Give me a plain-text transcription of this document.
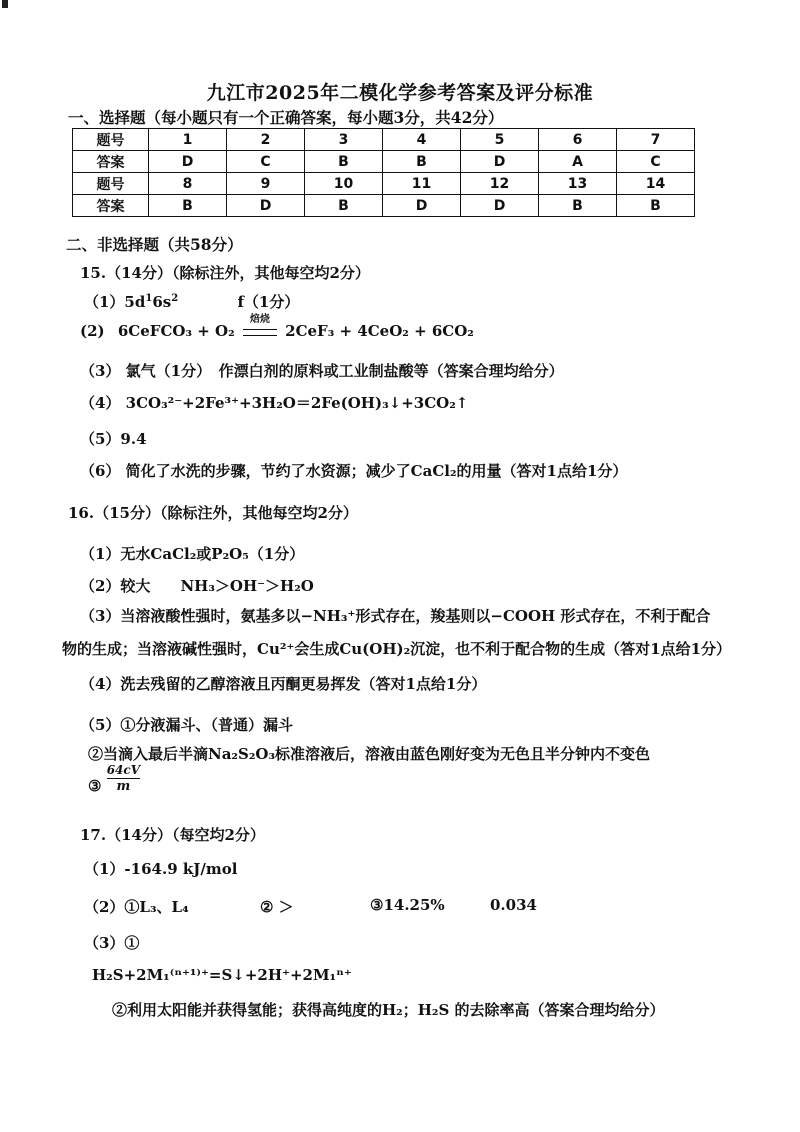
九江市2025年二模化学参考答案及评分标准
一、选择题（每小题只有一个正确答案，每小题3分，共42分）
题号	1	2	3	4	5	6	7
答案	D	C	B	B	D	A	C
题号	8	9	10	11	12	13	14
答案	B	D	B	D	D	B	B
二、非选择题（共58分）
15.（14分）（除标注外，其他每空均2分）
$(1)5d^16s^2$	f（1分）
(2) 6CeFCO₃ + O₂
焙烧
2CeF₃ + 4CeO₂ + 6CO₂
（3） 氯气（1分）　作漂白剂的原料或工业制盐酸等（答案合理均给分）
（4） 3CO₃²⁻+2Fe³⁺+3H₂O＝2Fe(OH)₃↓+3CO₂↑
（5）9.4
（6） 简化了水洗的步骤，节约了水资源；减少了CaCl₂的用量（答对1点给1分）
16.（15分）（除标注外，其他每空均2分）
（1）无水CaCl₂或P₂O₅（1分）
（2）较大　　NH₃＞OH⁻＞H₂O
（3）当溶液酸性强时，氨基多以−NH₃⁺形式存在，羧基则以−COOH 形式存在，不利于配合
物的生成；当溶液碱性强时，Cu²⁺会生成Cu(OH)₂沉淀，也不利于配合物的生成（答对1点给1分）
（4）洗去残留的乙醇溶液且丙酮更易挥发（答对1点给1分）
（5）①分液漏斗、（普通）漏斗
②当滴入最后半滴Na₂S₂O₃标准溶液后，溶液由蓝色刚好变为无色且半分钟内不变色
③ $\frac{64cV}{m}$
17.（14分）（每空均2分）
（1）-164.9 kJ/mol
（2）①L₃、L₄	② ＞	③14.25%	0.034
（3）①
H₂S+2M₁⁽ⁿ⁺¹⁾⁺=S↓+2H⁺+2M₁ⁿ⁺
②利用太阳能并获得氢能；获得高纯度的H₂；H₂S 的去除率高（答案合理均给分）
